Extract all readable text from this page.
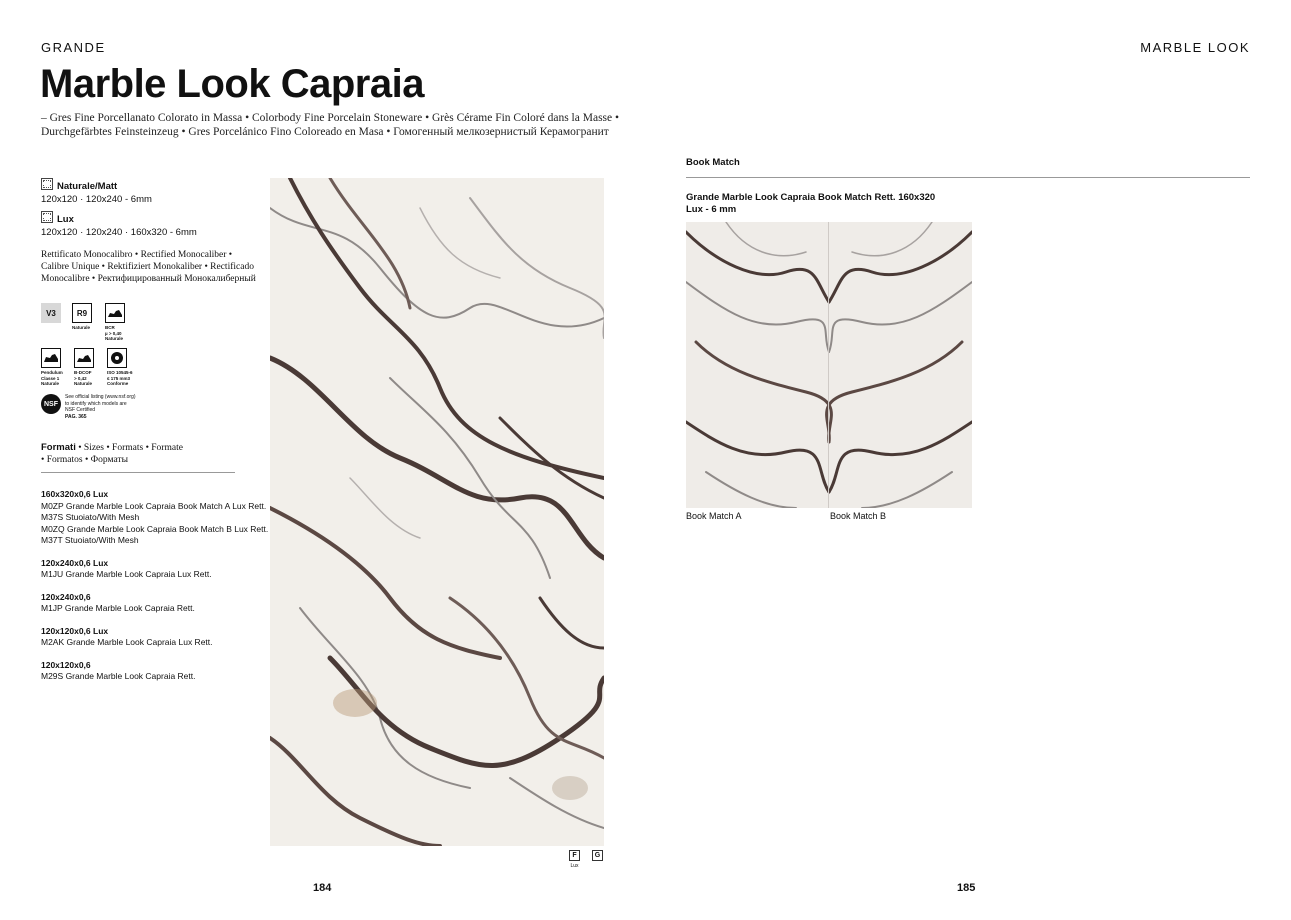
GRANDE	MARBLE LOOK
Marble Look Capraia
– Gres Fine Porcellanato Colorato in Massa • Colorbody Fine Porcelain Stoneware • Grès Cérame Fin Coloré dans la Masse •
Durchgefärbtes Feinsteinzeug • Gres Porcelánico Fino Coloreado en Masa • Гомогенный мелкозернистый Керамогранит
Naturale/Matt
120x120 · 120x240 - 6mm
Lux
120x120 · 120x240 · 160x320 - 6mm
Rettificato Monocalibro • Rectified Monocaliber •
Calibre Unique • Rektifiziert Monokaliber • Rectificado
Monocalibre • Ректифицированный Монокалиберный
V3	R9
Naturale	BCR
µ > 0,40
Naturale
Pendulum
Classe 1
Naturale
B-DCOF
> 0,42
Naturale
ISO 10545-6
≤ 175 mm3
Conforme
NSF
See official listing (www.nsf.org)
to identify which models are
NSF Certified
PAG. 365
Formati • Sizes • Formats • Formate
• Formatos • Форматы
160x320x0,6 Lux
M0ZP Grande Marble Look Capraia Book Match A Lux Rett.
M37S Stuoiato/With Mesh
M0ZQ Grande Marble Look Capraia Book Match B Lux Rett.
M37T Stuoiato/With Mesh
120x240x0,6 Lux
M1JU Grande Marble Look Capraia Lux Rett.
120x240x0,6
M1JP Grande Marble Look Capraia Rett.
120x120x0,6 Lux
M2AK Grande Marble Look Capraia Lux Rett.
120x120x0,6
M29S Grande Marble Look Capraia Rett.
F
Lux
G
Book Match
Grande Marble Look Capraia Book Match Rett. 160x320
Lux - 6 mm
Book Match A	Book Match B
184	185
